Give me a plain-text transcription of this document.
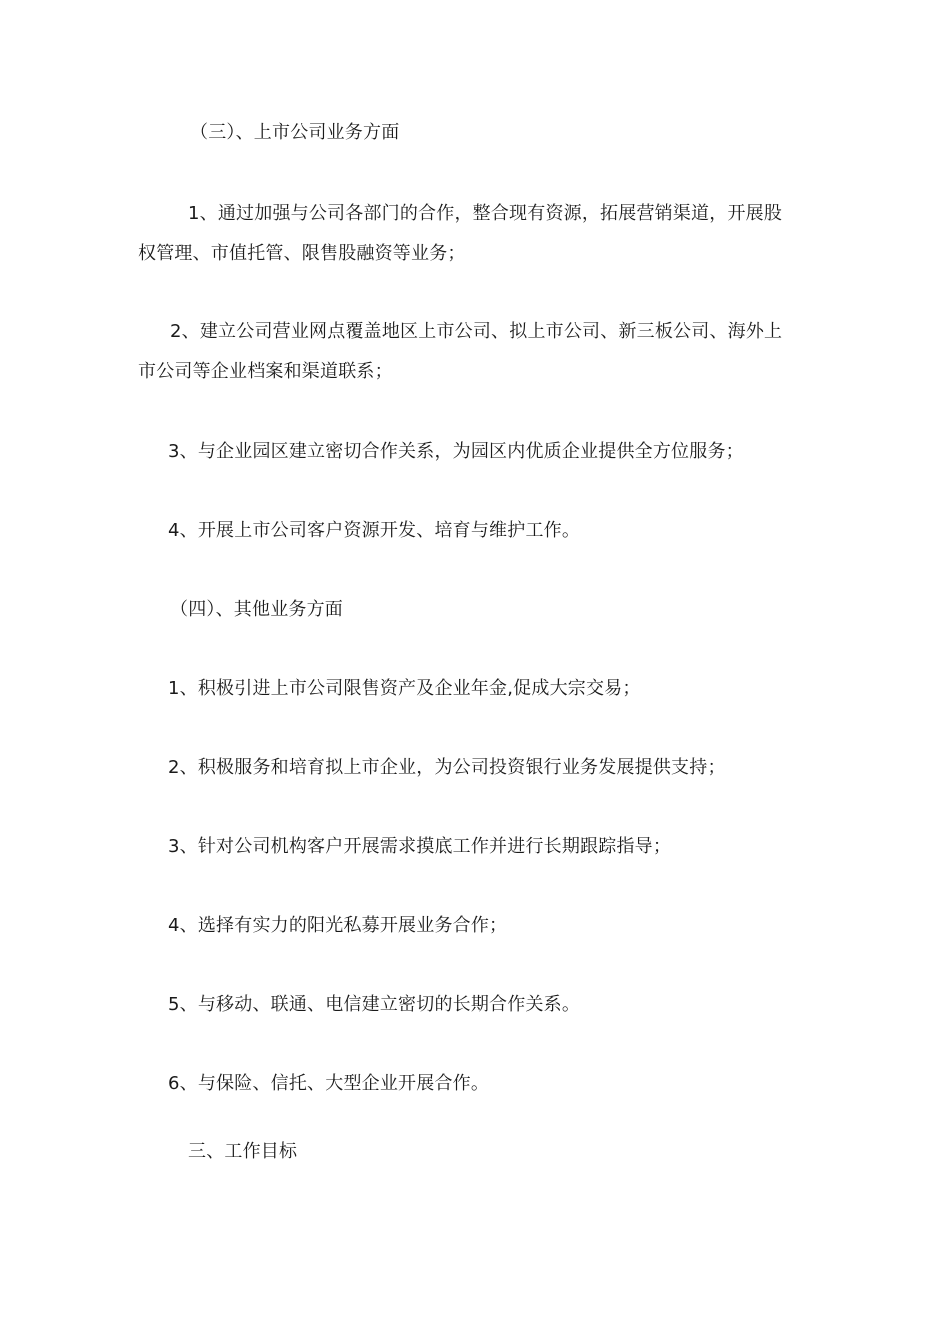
（三）、上市公司业务方面
1、通过加强与公司各部门的合作，整合现有资源，拓展营销渠道，开展股
权管理、市值托管、限售股融资等业务；
2、建立公司营业网点覆盖地区上市公司、拟上市公司、新三板公司、海外上
市公司等企业档案和渠道联系；
3、与企业园区建立密切合作关系，为园区内优质企业提供全方位服务；
4、开展上市公司客户资源开发、培育与维护工作。
（四）、其他业务方面
1、积极引进上市公司限售资产及企业年金,促成大宗交易；
2、积极服务和培育拟上市企业，为公司投资银行业务发展提供支持；
3、针对公司机构客户开展需求摸底工作并进行长期跟踪指导；
4、选择有实力的阳光私募开展业务合作；
5、与移动、联通、电信建立密切的长期合作关系。
6、与保险、信托、大型企业开展合作。
三、工作目标
